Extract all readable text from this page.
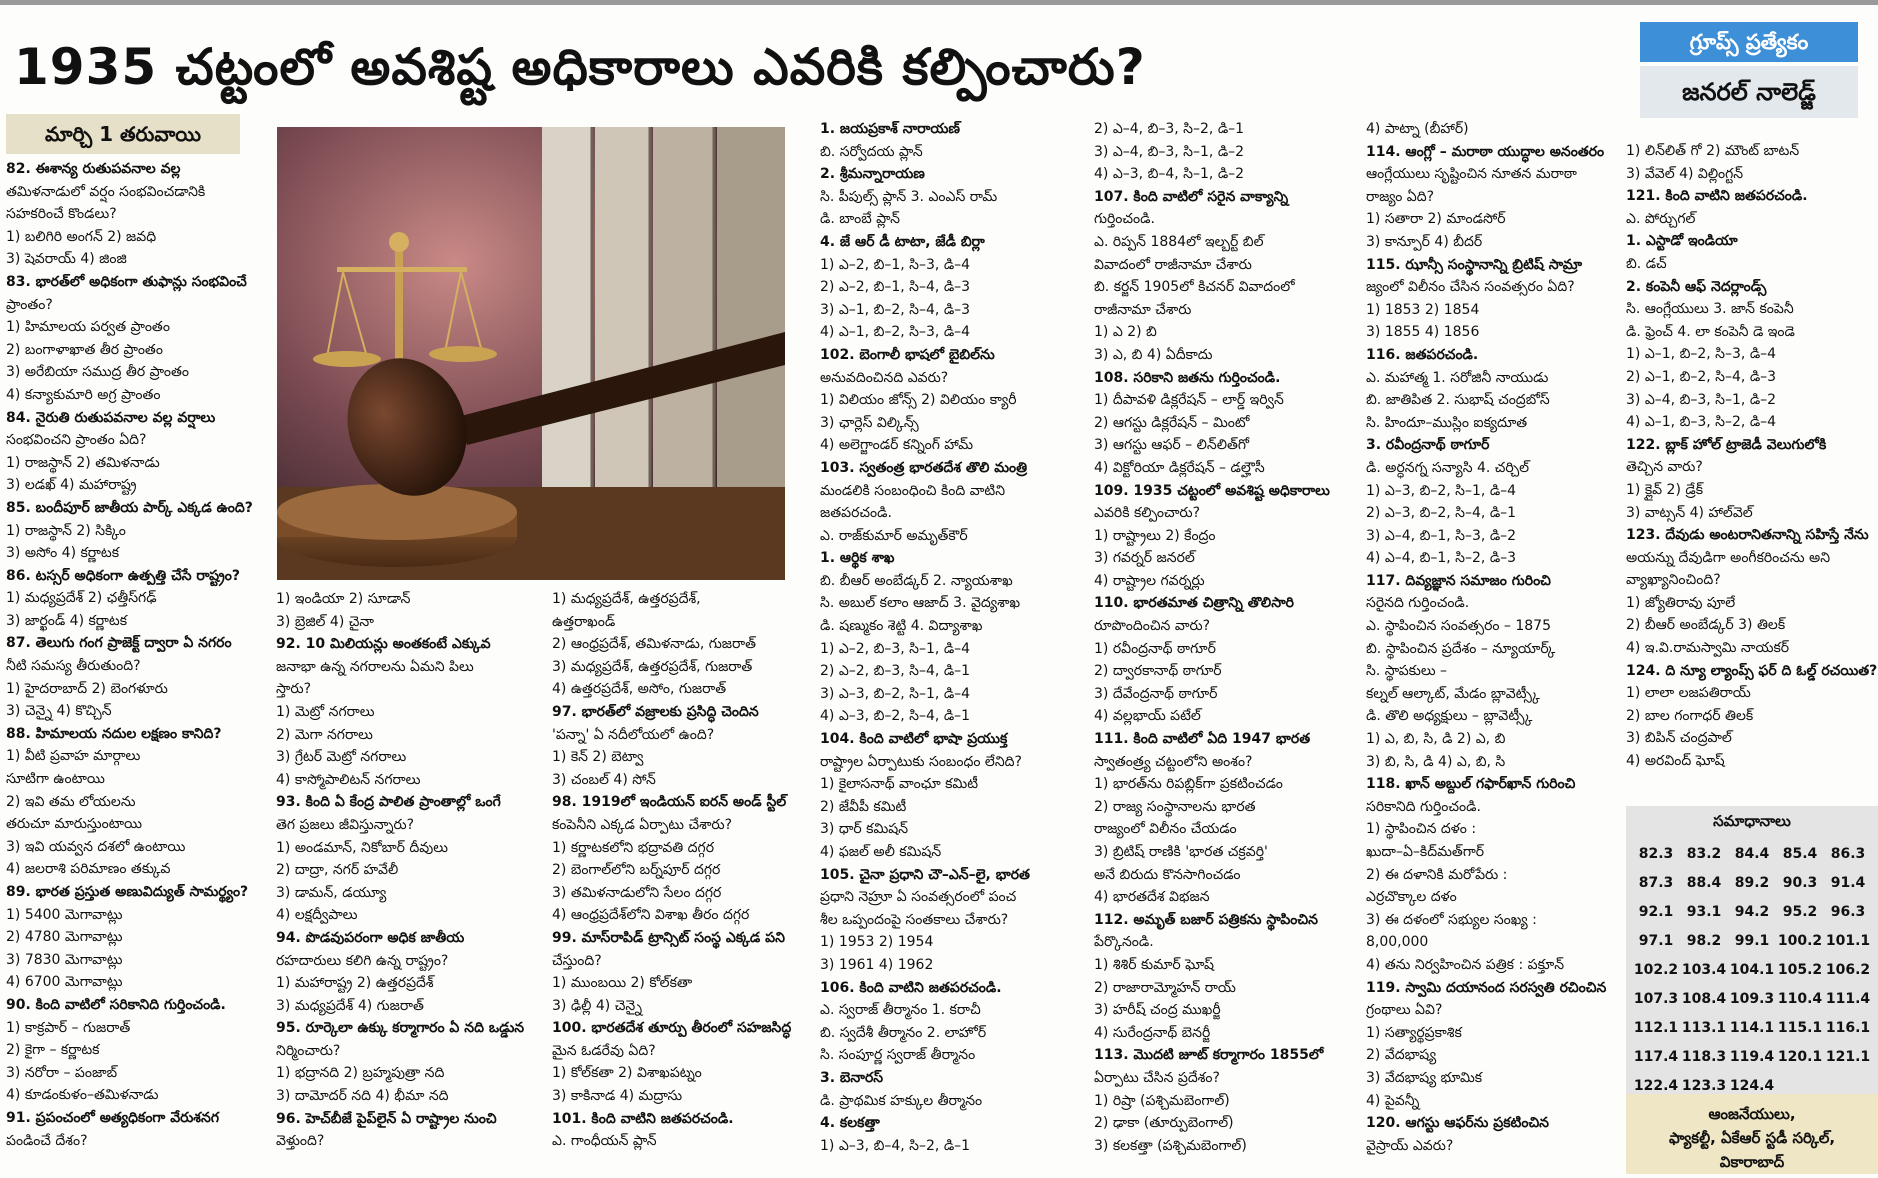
1935 చట్టంలో అవశిష్ట అధికారాలు ఎవరికి కల్పించారు?	గ్రూప్స్ ప్రత్యేకం
జనరల్ నాలెడ్జ్
మార్చి 1 తరువాయి
82. ఈశాన్య రుతుపవనాల వల్ల
తమిళనాడులో వర్షం సంభవించడానికి
సహకరించే కొండలు?
1) బలిగిరి అంగన్ 2) జవధి
3) షెవరాయ్ 4) జింజి
83. భారత్‌లో అధికంగా తుఫాన్లు సంభవించే
ప్రాంతం?
1) హిమాలయ పర్వత ప్రాంతం
2) బంగాళాఖాత తీర ప్రాంతం
3) అరేబియా సముద్ర తీర ప్రాంతం
4) కన్యాకుమారి అగ్ర ప్రాంతం
84. నైరుతి రుతుపవనాల వల్ల వర్షాలు
సంభవించని ప్రాంతం ఏది?
1) రాజస్థాన్ 2) తమిళనాడు
3) లడఖ్ 4) మహారాష్ట్ర
85. బందీపూర్ జాతీయ పార్క్ ఎక్కడ ఉంది?
1) రాజస్థాన్ 2) సిక్కిం
3) అసోం 4) కర్ణాటక
86. టస్సర్ అధికంగా ఉత్పత్తి చేసే రాష్ట్రం?
1) మధ్యప్రదేశ్ 2) ఛత్తీస్‌గఢ్
3) జార్ఖండ్ 4) కర్ణాటక
87. తెలుగు గంగ ప్రాజెక్ట్ ద్వారా ఏ నగరం
నీటి సమస్య తీరుతుంది?
1) హైదరాబాద్ 2) బెంగళూరు
3) చెన్నై 4) కొచ్చిన్
88. హిమాలయ నదుల లక్షణం కానిది?
1) వీటి ప్రవాహ మార్గాలు
సూటిగా ఉంటాయి
2) ఇవి తమ లోయలను
తరుచూ మారుస్తుంటాయి
3) ఇవి యవ్వన దశలో ఉంటాయి
4) జలరాశి పరిమాణం తక్కువ
89. భారత ప్రస్తుత అణువిద్యుత్ సామర్థ్యం?
1) 5400 మెగావాట్లు
2) 4780 మెగావాట్లు
3) 7830 మెగావాట్లు
4) 6700 మెగావాట్లు
90. కింది వాటిలో సరికానిది గుర్తించండి.
1) కాక్రపార్ – గుజరాత్
2) కైగా – కర్ణాటక
3) నరోరా – పంజాబ్
4) కూడంకుళం–తమిళనాడు
91. ప్రపంచంలో అత్యధికంగా వేరుశనగ
పండించే దేశం?
1) ఇండియా 2) సూడాన్
3) బ్రెజిల్ 4) చైనా
92. 10 మిలియన్లు అంతకంటే ఎక్కువ
జనాభా ఉన్న నగరాలను ఏమని పిలు
స్తారు?
1) మెట్రో నగరాలు
2) మెగా నగరాలు
3) గ్రేటర్ మెట్రో నగరాలు
4) కాస్మోపాలిటన్ నగరాలు
93. కింది ఏ కేంద్ర పాలిత ప్రాంతాల్లో ఒంగే
తెగ ప్రజలు జీవిస్తున్నారు?
1) అండమాన్, నికోబార్ దీవులు
2) దాద్రా, నగర్ హవేలీ
3) డామన్, డయ్యూ
4) లక్షద్వీపాలు
94. పొడవుపరంగా అధిక జాతీయ
రహదారులు కలిగి ఉన్న రాష్ట్రం?
1) మహారాష్ట్ర 2) ఉత్తరప్రదేశ్
3) మధ్యప్రదేశ్ 4) గుజరాత్
95. రూర్కెలా ఉక్కు కర్మాగారం ఏ నది ఒడ్డున
నిర్మించారు?
1) భద్రానది 2) బ్రహ్మపుత్రా నది
3) దామోదర్ నది 4) భీమా నది
96. హెచ్‌బీజే పైప్‌లైన్ ఏ రాష్ట్రాల నుంచి
వెళ్తుంది?
1) మధ్యప్రదేశ్, ఉత్తరప్రదేశ్,
ఉత్తరాఖండ్
2) ఆంధ్రప్రదేశ్, తమిళనాడు, గుజరాత్
3) మధ్యప్రదేశ్, ఉత్తరప్రదేశ్, గుజరాత్
4) ఉత్తరప్రదేశ్, అసోం, గుజరాత్
97. భారత్‌లో వజ్రాలకు ప్రసిద్ధి చెందిన
'పన్నా' ఏ నదీలోయలో ఉంది?
1) కెన్ 2) బెట్వా
3) చంబల్ 4) సోన్
98. 1919లో ఇండియన్ ఐరన్ అండ్ స్టీల్
కంపెనీని ఎక్కడ ఏర్పాటు చేశారు?
1) కర్ణాటకలోని భద్రావతి దగ్గర
2) బెంగాల్‌లోని బర్న్‌పూర్ దగ్గర
3) తమిళనాడులోని సేలం దగ్గర
4) ఆంధ్రప్రదేశ్‌లోని విశాఖ తీరం దగ్గర
99. మాస్‌రాపిడ్ ట్రాన్సిట్ సంస్థ ఎక్కడ పని
చేస్తుంది?
1) ముంబయి 2) కోల్‌కతా
3) ఢిల్లీ 4) చెన్నై
100. భారతదేశ తూర్పు తీరంలో సహజసిద్ధ
మైన ఓడరేవు ఏది?
1) కోల్‌కతా 2) విశాఖపట్నం
3) కాకినాడ 4) మద్రాసు
101. కింది వాటిని జతపరచండి.
ఎ. గాంధీయన్ ప్లాన్
1. జయప్రకాశ్ నారాయణ్
బి. సర్వోదయ ప్లాన్
2. శ్రీమన్నారాయణ
సి. పీపుల్స్ ప్లాన్ 3. ఎంఎస్ రామ్
డి. బాంబే ప్లాన్
4. జే ఆర్ డీ టాటా, జేడీ బిర్లా
1) ఎ–2, బి–1, సి–3, డి–4
2) ఎ–2, బి–1, సి–4, డి–3
3) ఎ–1, బి–2, సి–4, డి–3
4) ఎ–1, బి–2, సి–3, డి–4
102. బెంగాలీ భాషలో బైబిల్‌ను
అనువదించినది ఎవరు?
1) విలియం జోన్స్ 2) విలియం క్యారీ
3) ఛార్లెస్ విల్కిన్స్
4) అలెగ్జాండర్ కన్నింగ్ హామ్
103. స్వతంత్ర భారతదేశ తొలి మంత్రి
మండలికి సంబంధించి కింది వాటిని
జతపరచండి.
ఎ. రాజ్‌కుమార్ అమృత్‌కౌర్
1. ఆర్థిక శాఖ
బి. బీఆర్ అంబేడ్కర్ 2. న్యాయశాఖ
సి. అబుల్ కలాం ఆజాద్ 3. వైద్యశాఖ
డి. షణ్ముకం శెట్టి 4. విద్యాశాఖ
1) ఎ–2, బి–3, సి–1, డి–4
2) ఎ–2, బి–3, సి–4, డి–1
3) ఎ–3, బి–2, సి–1, డి–4
4) ఎ–3, బి–2, సి–4, డి–1
104. కింది వాటిలో భాషా ప్రయుక్త
రాష్ట్రాల ఏర్పాటుకు సంబంధం లేనిది?
1) కైలాసనాథ్ వాంఛూ కమిటీ
2) జేవీపీ కమిటీ
3) ధార్ కమిషన్
4) ఫజల్ అలీ కమిషన్
105. చైనా ప్రధాని చౌ–ఎన్–లై, భారత
ప్రధాని నెహ్రూ ఏ సంవత్సరంలో పంచ
శీల ఒప్పందంపై సంతకాలు చేశారు?
1) 1953 2) 1954
3) 1961 4) 1962
106. కింది వాటిని జతపరచండి.
ఎ. స్వరాజ్ తీర్మానం 1. కరాచీ
బి. స్వదేశీ తీర్మానం 2. లాహోర్
సి. సంపూర్ణ స్వరాజ్ తీర్మానం
3. బెనారస్
డి. ప్రాథమిక హక్కుల తీర్మానం
4. కలకత్తా
1) ఎ–3, బి–4, సి–2, డి–1
2) ఎ–4, బి–3, సి–2, డి–1
3) ఎ–4, బి–3, సి–1, డి–2
4) ఎ–3, బి–4, సి–1, డి–2
107. కింది వాటిలో సరైన వాక్యాన్ని
గుర్తించండి.
ఎ. రిప్పన్ 1884లో ఇల్బర్ట్ బిల్
వివాదంలో రాజీనామా చేశారు
బి. కర్జన్ 1905లో కిచనర్ వివాదంలో
రాజీనామా చేశారు
1) ఎ 2) బి
3) ఎ, బి 4) ఏదీకాదు
108. సరికాని జతను గుర్తించండి.
1) దీపావళి డిక్లరేషన్ – లార్డ్ ఇర్విన్
2) ఆగస్టు డిక్లరేషన్ – మింటో
3) ఆగస్టు ఆఫర్ – లిన్‌లిత్‌గో
4) విక్టోరియా డిక్లరేషన్ – డల్హౌసీ
109. 1935 చట్టంలో అవశిష్ట అధికారాలు
ఎవరికి కల్పించారు?
1) రాష్ట్రాలు 2) కేంద్రం
3) గవర్నర్ జనరల్
4) రాష్ట్రాల గవర్నర్లు
110. భారతమాత చిత్రాన్ని తొలిసారి
రూపొందించిన వారు?
1) రవీంద్రనాథ్ ఠాగూర్
2) ద్వారకానాథ్ ఠాగూర్
3) దేవేంద్రనాథ్ ఠాగూర్
4) వల్లభాయ్ పటేల్
111. కింది వాటిలో ఏది 1947 భారత
స్వాతంత్ర్య చట్టంలోని అంశం?
1) భారత్‌ను రిపబ్లిక్‌గా ప్రకటించడం
2) రాజ్య సంస్థానాలను భారత
రాజ్యంలో విలీనం చేయడం
3) బ్రిటిష్ రాణికి 'భారత చక్రవర్తి'
అనే బిరుదు కొనసాగించడం
4) భారతదేశ విభజన
112. అమృత్ బజార్ పత్రికను స్థాపించిన
పేర్కొనండి.
1) శిశిర్ కుమార్ ఘోష్
2) రాజారామ్మోహన్ రాయ్
3) హరీష్ చంద్ర ముఖర్జీ
4) సురేంద్రనాథ్ బెనర్జీ
113. మొదటి జూట్ కర్మాగారం 1855లో
ఏర్పాటు చేసిన ప్రదేశం?
1) రిష్రా (పశ్చిమబెంగాల్)
2) ఢాకా (తూర్పుబెంగాల్)
3) కలకత్తా (పశ్చిమబెంగాల్)
4) పాట్నా (బీహార్)
114. ఆంగ్లో – మరాఠా యుద్ధాల అనంతరం
ఆంగ్లేయులు సృష్టించిన నూతన మరాఠా
రాజ్యం ఏది?
1) సతారా 2) మాండసోర్
3) కాన్పూర్ 4) బీదర్
115. ఝాన్సీ సంస్థానాన్ని బ్రిటిష్ సామ్రా
జ్యంలో విలీనం చేసిన సంవత్సరం ఏది?
1) 1853 2) 1854
3) 1855 4) 1856
116. జతపరచండి.
ఎ. మహాత్మ 1. సరోజినీ నాయుడు
బి. జాతిపిత 2. సుభాష్ చంద్రబోస్
సి. హిందూ–ముస్లిం ఐక్యదూత
3. రవీంద్రనాథ్ ఠాగూర్
డి. అర్ధనగ్న సన్యాసి 4. చర్చిల్
1) ఎ–3, బి–2, సి–1, డి–4
2) ఎ–3, బి–2, సి–4, డి–1
3) ఎ–4, బి–1, సి–3, డి–2
4) ఎ–4, బి–1, సి–2, డి–3
117. దివ్యజ్ఞాన సమాజం గురించి
సరైనది గుర్తించండి.
ఎ. స్థాపించిన సంవత్సరం – 1875
బి. స్థాపించిన ప్రదేశం – న్యూయార్క్
సి. స్థాపకులు –
కల్నల్ ఆల్కాట్, మేడం బ్లావెట్స్కీ
డి. తొలి అధ్యక్షులు – బ్లావెట్స్కీ
1) ఎ, బి, సి, డి 2) ఎ, బి
3) బి, సి, డి 4) ఎ, బి, సి
118. ఖాన్ అబ్దుల్ గఫార్‌ఖాన్ గురించి
సరికానిది గుర్తించండి.
1) స్థాపించిన దళం :
ఖుదా–ఏ–కిద్‌మత్‌గార్
2) ఈ దళానికి మరోపేరు :
ఎర్రచొక్కాల దళం
3) ఈ దళంలో సభ్యుల సంఖ్య :
8,00,000
4) తను నిర్వహించిన పత్రిక : పక్తూన్
119. స్వామి దయానంద సరస్వతి రచించిన
గ్రంథాలు ఏవి?
1) సత్యార్థప్రకాశిక
2) వేదభాష్య
3) వేదభాష్య భూమిక
4) పైవన్నీ
120. ఆగస్టు ఆఫర్‌ను ప్రకటించిన
వైస్రాయ్ ఎవరు?
1) లిన్‌లిత్ గో 2) మౌంట్ బాటన్
3) వేవెల్ 4) విల్లింగ్టన్
121. కింది వాటిని జతపరచండి.
ఎ. పోర్చుగల్
1. ఎస్టాడో ఇండియా
బి. డచ్
2. కంపెనీ ఆఫ్ నెదర్లాండ్స్
సి. ఆంగ్లేయులు 3. జాన్ కంపెనీ
డి. ఫ్రెంచ్ 4. లా కంపెనీ డె ఇండె
1) ఎ–1, బి–2, సి–3, డి–4
2) ఎ–1, బి–2, సి–4, డి–3
3) ఎ–4, బి–3, సి–1, డి–2
4) ఎ–1, బి–3, సి–2, డి–4
122. బ్లాక్ హోల్ ట్రాజెడీ వెలుగులోకి
తెచ్చిన వారు?
1) క్లైవ్ 2) డ్రేక్
3) వాట్సన్ 4) హాల్‌వెల్
123. దేవుడు అంటరానితనాన్ని సహిస్తే నేను
అయన్ను దేవుడిగా అంగీకరించను అని
వ్యాఖ్యానించింది?
1) జ్యోతిరావు పూలే
2) బీఆర్ అంబేడ్కర్ 3) తిలక్
4) ఇ.వి.రామస్వామి నాయకర్
124. ది న్యూ ల్యాంప్స్ ఫర్ ది ఓల్డ్ రచయిత?
1) లాలా లజపతిరాయ్
2) బాల గంగాధర్ తిలక్
3) బిపిన్ చంద్రపాల్
4) అరవింద్ ఘోష్
సమాధానాలు
82.3 83.2 84.4 85.4 86.3
87.3 88.4 89.2 90.3 91.4
92.1 93.1 94.2 95.2 96.3
97.1 98.2 99.1 100.2 101.1
102.2 103.4 104.1 105.2 106.2
107.3 108.4 109.3 110.4 111.4
112.1 113.1 114.1 115.1 116.1
117.4 118.3 119.4 120.1 121.1
122.4 123.3 124.4
ఆంజనేయులు,
ఫ్యాకల్టీ, ఏకేఆర్ స్టడీ సర్కిల్,
వికారాబాద్
